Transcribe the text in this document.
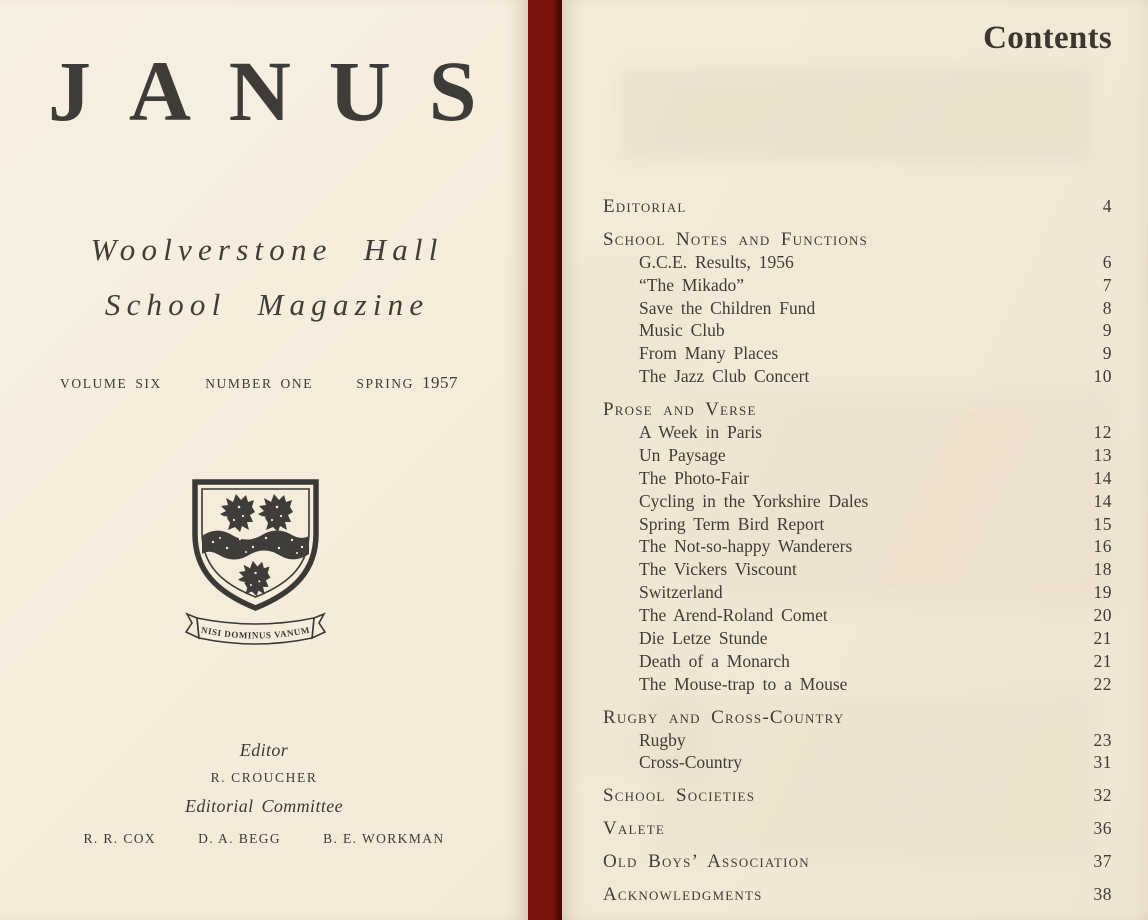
JANUS
Woolverstone Hall
School Magazine
VOLUME SIX	NUMBER ONE	SPRING 1957
NISI DOMINUS VANUM
Editor
R. CROUCHER
Editorial Committee
R. R. COX	D. A. BEGG	B. E. WORKMAN
Contents
Editorial	4
School Notes and Functions
G.C.E. Results, 1956	6
“The Mikado”	7
Save the Children Fund	8
Music Club	9
From Many Places	9
The Jazz Club Concert	10
Prose and Verse
A Week in Paris	12
Un Paysage	13
The Photo-Fair	14
Cycling in the Yorkshire Dales	14
Spring Term Bird Report	15
The Not-so-happy Wanderers	16
The Vickers Viscount	18
Switzerland	19
The Arend-Roland Comet	20
Die Letze Stunde	21
Death of a Monarch	21
The Mouse-trap to a Mouse	22
Rugby and Cross-Country
Rugby	23
Cross-Country	31
School Societies	32
Valete	36
Old Boys’ Association	37
Acknowledgments	38
